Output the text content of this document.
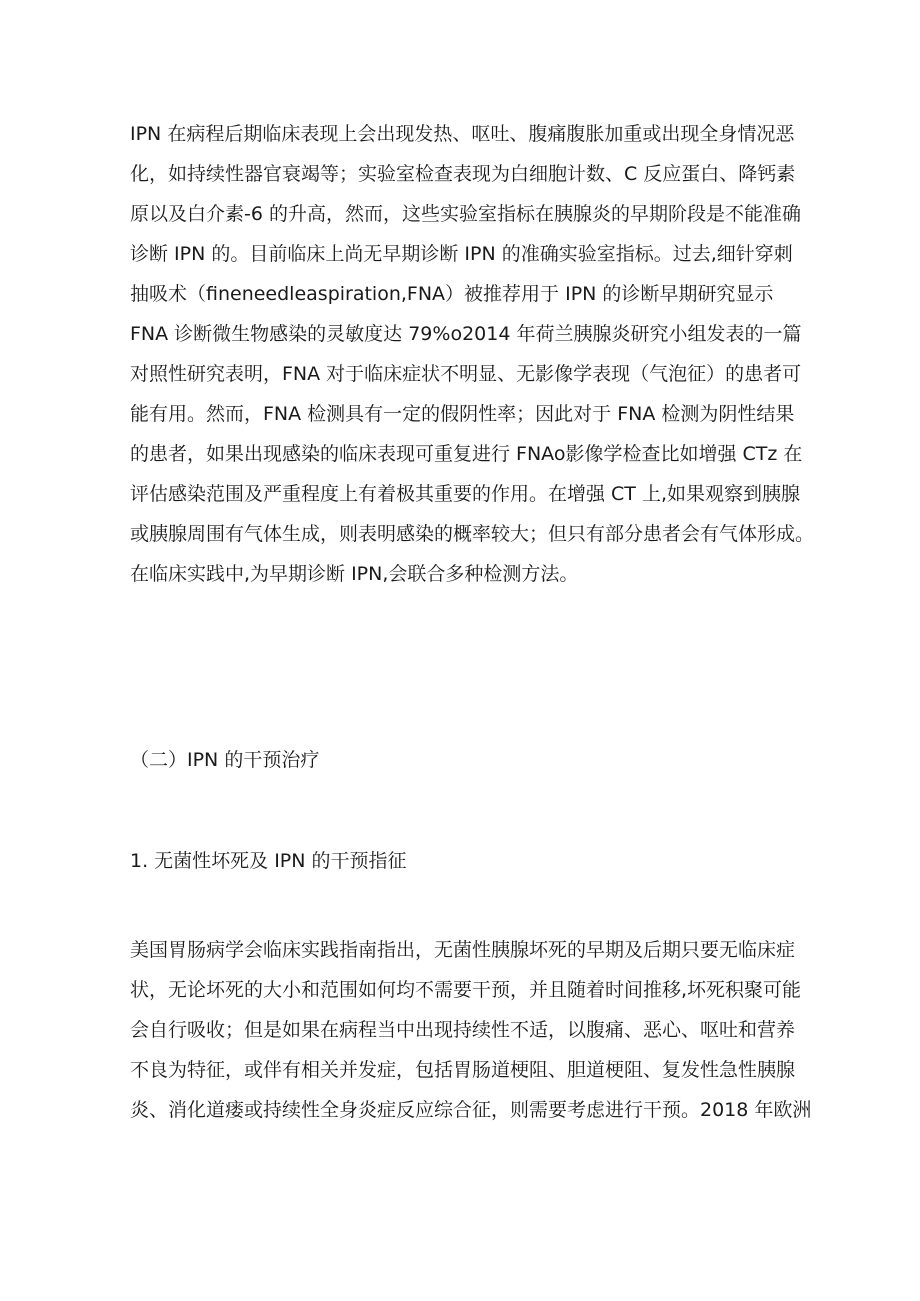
IPN 在病程后期临床表现上会出现发热、呕吐、腹痛腹胀加重或出现全身情况恶
化，如持续性器官衰竭等；实验室检查表现为白细胞计数、C 反应蛋白、降钙素
原以及白介素-6 的升高，然而，这些实验室指标在胰腺炎的早期阶段是不能准确
诊断 IPN 的。目前临床上尚无早期诊断 IPN 的准确实验室指标。过去,细针穿刺
抽吸术（fineneedleaspiration,FNA）被推荐用于 IPN 的诊断早期研究显示
FNA 诊断微生物感染的灵敏度达 79%o2014 年荷兰胰腺炎研究小组发表的一篇
对照性研究表明，FNA 对于临床症状不明显、无影像学表现（气泡征）的患者可
能有用。然而，FNA 检测具有一定的假阴性率；因此对于 FNA 检测为阴性结果
的患者，如果出现感染的临床表现可重复进行 FNAo影像学检查比如增强 CTz 在
评估感染范围及严重程度上有着极其重要的作用。在增强 CT 上,如果观察到胰腺
或胰腺周围有气体生成，则表明感染的概率较大；但只有部分患者会有气体形成。
在临床实践中,为早期诊断 IPN,会联合多种检测方法。
（二）IPN 的干预治疗
1. 无菌性坏死及 IPN 的干预指征
美国胃肠病学会临床实践指南指出，无菌性胰腺坏死的早期及后期只要无临床症
状，无论坏死的大小和范围如何均不需要干预，并且随着时间推移,坏死积聚可能
会自行吸收；但是如果在病程当中出现持续性不适，以腹痛、恶心、呕吐和营养
不良为特征，或伴有相关并发症，包括胃肠道梗阻、胆道梗阻、复发性急性胰腺
炎、消化道瘘或持续性全身炎症反应综合征，则需要考虑进行干预。2018 年欧洲
